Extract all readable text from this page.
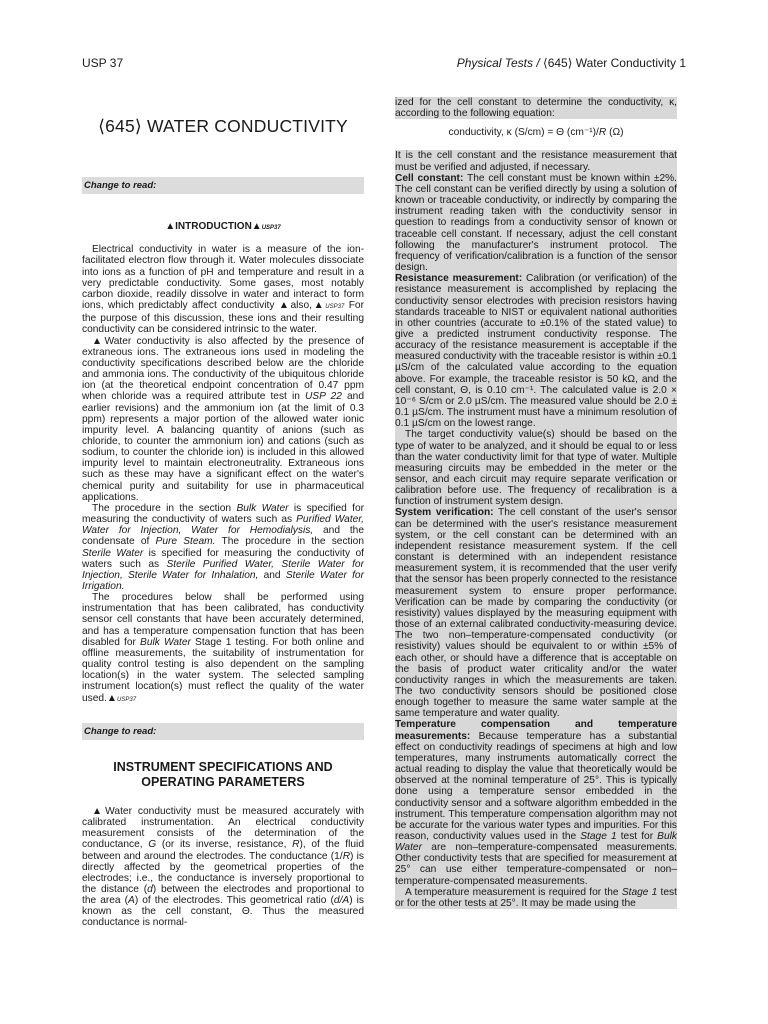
USP 37	Physical Tests / ⟨645⟩ Water Conductivity 1
⟨645⟩ WATER CONDUCTIVITY
Change to read:
▲INTRODUCTION▲USP37

Electrical conductivity in water is a measure of the ion-facilitated electron flow through it. Water molecules dissociate into ions as a function of pH and temperature and result in a very predictable conductivity. Some gases, most notably carbon dioxide, readily dissolve in water and interact to form ions, which predictably affect conductivity ▲also,▲USP37 For the purpose of this discussion, these ions and their resulting conductivity can be considered intrinsic to the water.

▲Water conductivity is also affected by the presence of extraneous ions. The extraneous ions used in modeling the conductivity specifications described below are the chloride and ammonia ions. The conductivity of the ubiquitous chloride ion (at the theoretical endpoint concentration of 0.47 ppm when chloride was a required attribute test in USP 22 and earlier revisions) and the ammonium ion (at the limit of 0.3 ppm) represents a major portion of the allowed water ionic impurity level. A balancing quantity of anions (such as chloride, to counter the ammonium ion) and cations (such as sodium, to counter the chloride ion) is included in this allowed impurity level to maintain electroneutrality. Extraneous ions such as these may have a significant effect on the water's chemical purity and suitability for use in pharmaceutical applications.

The procedure in the section Bulk Water is specified for measuring the conductivity of waters such as Purified Water, Water for Injection, Water for Hemodialysis, and the condensate of Pure Steam. The procedure in the section Sterile Water is specified for measuring the conductivity of waters such as Sterile Purified Water, Sterile Water for Injection, Sterile Water for Inhalation, and Sterile Water for Irrigation.

The procedures below shall be performed using instrumentation that has been calibrated, has conductivity sensor cell constants that have been accurately determined, and has a temperature compensation function that has been disabled for Bulk Water Stage 1 testing. For both online and offline measurements, the suitability of instrumentation for quality control testing is also dependent on the sampling location(s) in the water system. The selected sampling instrument location(s) must reflect the quality of the water used.▲USP37

Change to read:
INSTRUMENT SPECIFICATIONS AND OPERATING PARAMETERS

▲Water conductivity must be measured accurately with calibrated instrumentation. An electrical conductivity measurement consists of the determination of the conductance, G (or its inverse, resistance, R), of the fluid between and around the electrodes. The conductance (1/R) is directly affected by the geometrical properties of the electrodes; i.e., the conductance is inversely proportional to the distance (d) between the electrodes and proportional to the area (A) of the electrodes. This geometrical ratio (d/A) is known as the cell constant, Θ. Thus the measured conductance is normal-

ized for the cell constant to determine the conductivity, κ, according to the following equation:

conductivity, κ (S/cm) = Θ (cm⁻¹)/R (Ω)

It is the cell constant and the resistance measurement that must be verified and adjusted, if necessary.

Cell constant: The cell constant must be known within ±2%. The cell constant can be verified directly by using a solution of known or traceable conductivity, or indirectly by comparing the instrument reading taken with the conductivity sensor in question to readings from a conductivity sensor of known or traceable cell constant. If necessary, adjust the cell constant following the manufacturer's instrument protocol. The frequency of verification/calibration is a function of the sensor design.

Resistance measurement: Calibration (or verification) of the resistance measurement is accomplished by replacing the conductivity sensor electrodes with precision resistors having standards traceable to NIST or equivalent national authorities in other countries (accurate to ±0.1% of the stated value) to give a predicted instrument conductivity response. The accuracy of the resistance measurement is acceptable if the measured conductivity with the traceable resistor is within ±0.1 µS/cm of the calculated value according to the equation above. For example, the traceable resistor is 50 kΩ, and the cell constant, Θ, is 0.10 cm⁻¹. The calculated value is 2.0 × 10⁻⁶ S/cm or 2.0 µS/cm. The measured value should be 2.0 ± 0.1 µS/cm. The instrument must have a minimum resolution of 0.1 µS/cm on the lowest range.

The target conductivity value(s) should be based on the type of water to be analyzed, and it should be equal to or less than the water conductivity limit for that type of water. Multiple measuring circuits may be embedded in the meter or the sensor, and each circuit may require separate verification or calibration before use. The frequency of recalibration is a function of instrument system design.

System verification: The cell constant of the user's sensor can be determined with the user's resistance measurement system, or the cell constant can be determined with an independent resistance measurement system. If the cell constant is determined with an independent resistance measurement system, it is recommended that the user verify that the sensor has been properly connected to the resistance measurement system to ensure proper performance. Verification can be made by comparing the conductivity (or resistivity) values displayed by the measuring equipment with those of an external calibrated conductivity-measuring device. The two non–temperature-compensated conductivity (or resistivity) values should be equivalent to or within ±5% of each other, or should have a difference that is acceptable on the basis of product water criticality and/or the water conductivity ranges in which the measurements are taken. The two conductivity sensors should be positioned close enough together to measure the same water sample at the same temperature and water quality.

Temperature compensation and temperature measurements: Because temperature has a substantial effect on conductivity readings of specimens at high and low temperatures, many instruments automatically correct the actual reading to display the value that theoretically would be observed at the nominal temperature of 25°. This is typically done using a temperature sensor embedded in the conductivity sensor and a software algorithm embedded in the instrument. This temperature compensation algorithm may not be accurate for the various water types and impurities. For this reason, conductivity values used in the Stage 1 test for Bulk Water are non–temperature-compensated measurements. Other conductivity tests that are specified for measurement at 25° can use either temperature-compensated or non–temperature-compensated measurements.

A temperature measurement is required for the Stage 1 test or for the other tests at 25°. It may be made using the
